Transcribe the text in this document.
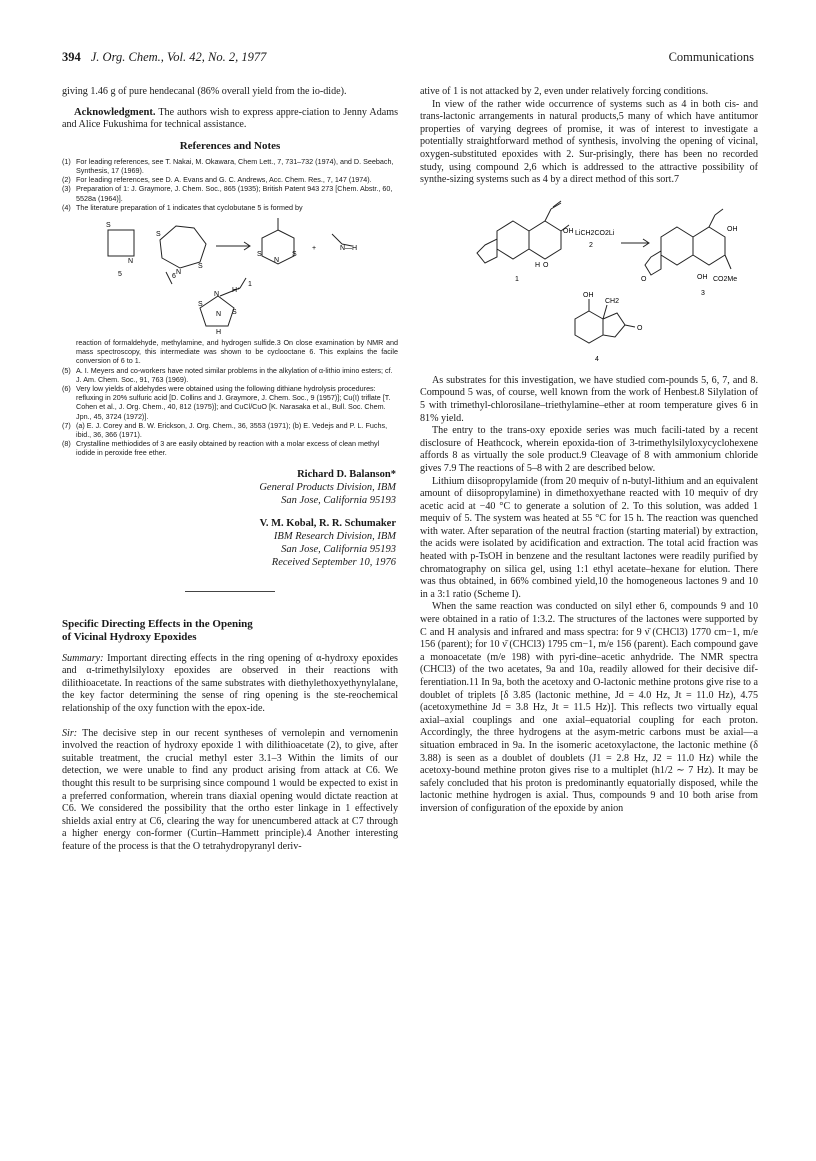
394 J. Org. Chem., Vol. 42, No. 2, 1977	Communications

giving 1.46 g of pure hendecanal (86% overall yield from the io-dide).

Acknowledgment. The authors wish to express appre-ciation to Jenny Adams and Alice Fukushima for technical assistance.

References and Notes
(1) For leading references, see T. Nakai, M. Okawara, Chem Lett., 7, 731–732 (1974), and D. Seebach, Synthesis, 17 (1969).
(2) For leading references, see D. A. Evans and G. C. Andrews, Acc. Chem. Res., 7, 147 (1974).
(3) Preparation of 1: J. Graymore, J. Chem. Soc., 865 (1935); British Patent 943 273 [Chem. Abstr., 60, 5528a (1964)].
(4) The literature preparation of 1 indicates that cyclobutane 5 is formed by
S
N
S
N
S
N
S	S
+	N—H
H⁺
N
S
S
N
H
1
5	6

reaction of formaldehyde, methylamine, and hydrogen sulfide.3 On close examination by NMR and mass spectroscopy, this intermediate was shown to be cyclooctane 6. This explains the facile conversion of 6 to 1.

(5) A. I. Meyers and co-workers have noted similar problems in the alkylation of α-lithio imino esters; cf. J. Am. Chem. Soc., 91, 763 (1969).
(6) Very low yields of aldehydes were obtained using the following dithiane hydrolysis procedures: refluxing in 20% sulfuric acid [D. Collins and J. Graymore, J. Chem. Soc., 9 (1957)]; Cu(I) triflate [T. Cohen et al., J. Org. Chem., 40, 812 (1975)]; and CuCl/CuO [K. Narasaka et al., Bull. Soc. Chem. Jpn., 45, 3724 (1972)].
(7) (a) E. J. Corey and B. W. Erickson, J. Org. Chem., 36, 3553 (1971); (b) E. Vedejs and P. L. Fuchs, ibid., 36, 366 (1971).
(8) Crystalline methiodides of 3 are easily obtained by reaction with a molar excess of clean methyl iodide in peroxide free ether.

Richard D. Balanson*

General Products Division, IBM

San Jose, California 95193

V. M. Kobal, R. R. Schumaker

IBM Research Division, IBM

San Jose, California 95193

Received September 10, 1976

Specific Directing Effects in the Opening
of Vicinal Hydroxy Epoxides

Summary: Important directing effects in the ring opening of α-hydroxy epoxides and α-trimethylsilyloxy epoxides are observed in their reactions with dilithioacetate. In reactions of the same substrates with diethylethoxyethynylalane, the key factor determining the sense of ring opening is the ste-reochemical relationship of the oxy function with the epox-ide.

Sir: The decisive step in our recent syntheses of vernolepin and vernomenin involved the reaction of hydroxy epoxide 1 with dilithioacetate (2), to give, after suitable treatment, the crucial methyl ester 3.1–3 Within the limits of our detection, we were unable to find any product arising from attack at C6. We thought this result to be surprising since compound 1 would be expected to exist in a preferred conformation, wherein trans diaxial opening would dictate reaction at C6. We considered the possibility that the ortho ester linkage in 1 effectively shields axial entry at C6, clearing the way for unencumbered attack at C7 through a higher energy con-former (Curtin–Hammett principle).4 Another interesting feature of the process is that the O tetrahydropyranyl deriv-

ative of 1 is not attacked by 2, even under relatively forcing conditions.

In view of the rather wide occurrence of systems such as 4 in both cis- and trans-lactonic arrangements in natural products,5 many of which have antitumor properties of varying degrees of promise, it was of interest to investigate a potentially straightforward method of synthesis, involving the opening of vicinal, oxygen-substituted epoxides with 2. Sur-prisingly, there has been no recorded study, using compound 2,6 which is addressed to the attractive possibility of synthe-sizing systems such as 4 by a direct method of this sort.7

OH LiCH2CO2Li
2
H O
1
OH
OH CO2Me
O
3
OH
CH2
O
4

As substrates for this investigation, we have studied com-pounds 5, 6, 7, and 8. Compound 5 was, of course, well known from the work of Henbest.8 Silylation of 5 with trimethyl-chlorosilane–triethylamine–ether at room temperature gives 6 in 81% yield.

The entry to the trans-oxy epoxide series was much facili-tated by a recent disclosure of Heathcock, wherein epoxida-tion of 3-trimethylsilyloxycyclohexene affords 8 as virtually the sole product.9 Cleavage of 8 with ammonium chloride gives 7.9 The reactions of 5–8 with 2 are described below.

Lithium diisopropylamide (from 20 mequiv of n-butyl-lithium and an equivalent amount of diisopropylamine) in dimethoxyethane reacted with 10 mequiv of dry acetic acid at −40 °C to generate a solution of 2. To this solution, was added 1 mequiv of 5. The system was heated at 55 °C for 15 h. The reaction was quenched with water. After separation of the neutral fraction (starting material) by extraction, the acids were isolated by acidification and extraction. The total acid fraction was heated with p-TsOH in benzene and the resultant lactones were readily purified by chromatography on silica gel, using 1:1 ethyl acetate–hexane for elution. There was thus obtained, in 66% combined yield,10 the homogeneous lactones 9 and 10 in a 3:1 ratio (Scheme I).

When the same reaction was conducted on silyl ether 6, compounds 9 and 10 were obtained in a ratio of 1:3.2. The structures of the lactones were supported by C and H analysis and infrared and mass spectra: for 9 ν̄ (CHCl3) 1770 cm−1, m/e 156 (parent); for 10 ν̄ (CHCl3) 1795 cm−1, m/e 156 (parent). Each compound gave a monoacetate (m/e 198) with pyri-dine–acetic anhydride. The NMR spectra (CHCl3) of the two acetates, 9a and 10a, readily allowed for their decisive dif-ferentiation.11 In 9a, both the acetoxy and O-lactonic methine protons give rise to a doublet of triplets [δ 3.85 (lactonic methine, Jd = 4.0 Hz, Jt = 11.0 Hz), 4.75 (acetoxymethine Jd = 3.8 Hz, Jt = 11.5 Hz)]. This reflects two virtually equal axial–axial couplings and one axial–equatorial coupling for each proton. Accordingly, the three hydrogens at the asym-metric carbons must be axial—a situation embraced in 9a. In the isomeric acetoxylactone, the lactonic methine (δ 3.88) is seen as a doublet of doublets (J1 = 2.8 Hz, J2 = 11.0 Hz) while the acetoxy-bound methine proton gives rise to a multiplet (h1/2 ∼ 7 Hz). It may be safely concluded that his proton is predominantly equatorially disposed, while the lactonic methine hydrogen is axial. Thus, compounds 9 and 10 both arise from inversion of configuration of the epoxide by anion
